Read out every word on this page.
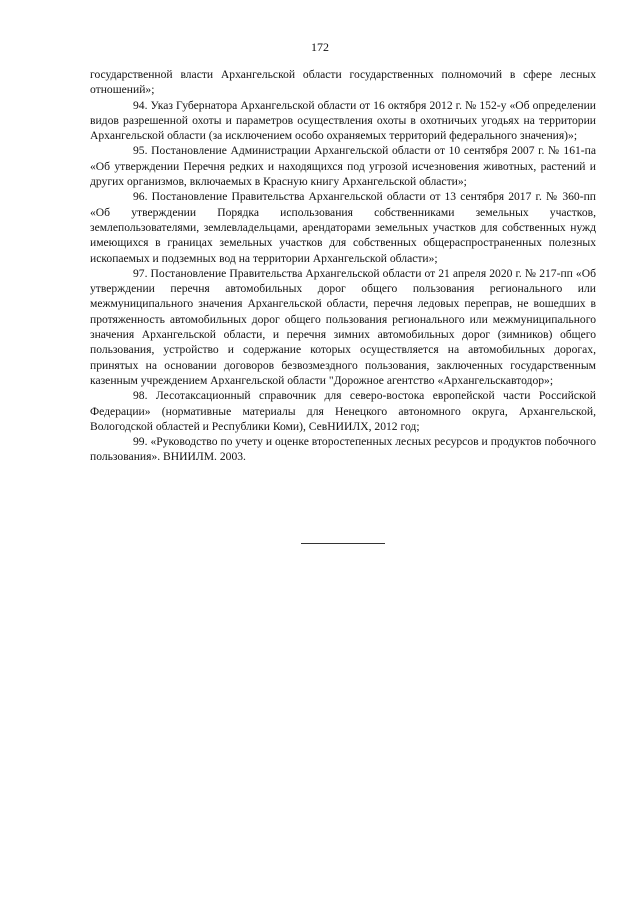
172

государственной власти Архангельской области государственных полномочий в сфере лесных отношений»;

94. Указ Губернатора Архангельской области от 16 октября 2012 г. № 152-у «Об определении видов разрешенной охоты и параметров осуществления охоты в охотничьих угодьях на территории Архангельской области (за исключением особо охраняемых территорий федерального значения)»;

95. Постановление Администрации Архангельской области от 10 сентября 2007 г. № 161-па «Об утверждении Перечня редких и находящихся под угрозой исчезновения животных, растений и других организмов, включаемых в Красную книгу Архангельской области»;

96. Постановление Правительства Архангельской области от 13 сентября 2017 г. № 360-пп «Об утверждении Порядка использования собственниками земельных участков, землепользователями, землевладельцами, арендаторами земельных участков для собственных нужд имеющихся в границах земельных участков для собственных общераспространенных полезных ископаемых и подземных вод на территории Архангельской области»;

97. Постановление Правительства Архангельской области от 21 апреля 2020 г. № 217-пп «Об утверждении перечня автомобильных дорог общего пользования регионального или межмуниципального значения Архангельской области, перечня ледовых переправ, не вошедших в протяженность автомобильных дорог общего пользования регионального или межмуниципального значения Архангельской области, и перечня зимних автомобильных дорог (зимников) общего пользования, устройство и содержание которых осуществляется на автомобильных дорогах, принятых на основании договоров безвозмездного пользования, заключенных государственным казенным учреждением Архангельской области "Дорожное агентство «Архангельскавтодор»;

98. Лесотаксационный справочник для северо-востока европейской части Российской Федерации» (нормативные материалы для Ненецкого автономного округа, Архангельской, Вологодской областей и Республики Коми), СевНИИЛХ, 2012 год;

99. «Руководство по учету и оценке второстепенных лесных ресурсов и продуктов побочного пользования». ВНИИЛМ. 2003.
